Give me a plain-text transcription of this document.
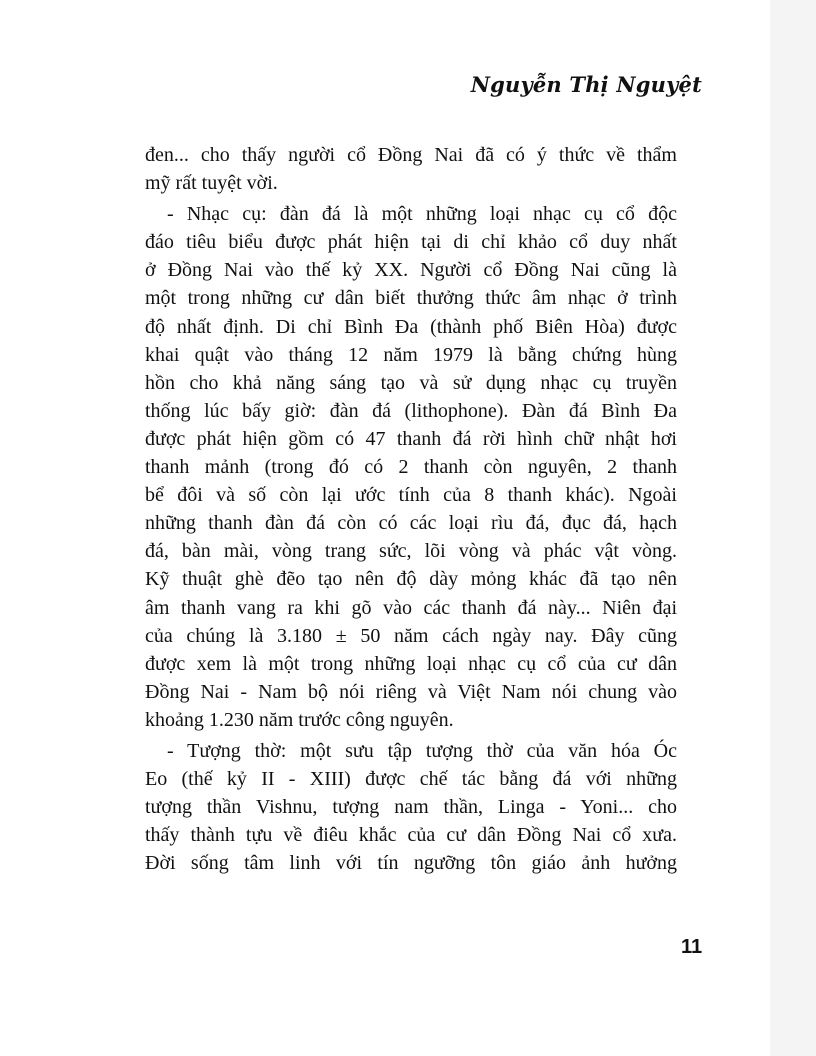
Nguyễn Thị Nguyệt

đen... cho thấy người cổ Đồng Nai đã có ý thức về thẩm
mỹ rất tuyệt vời.

- Nhạc cụ: đàn đá là một những loại nhạc cụ cổ độc
đáo tiêu biểu được phát hiện tại di chỉ khảo cổ duy nhất
ở Đồng Nai vào thế kỷ XX. Người cổ Đồng Nai cũng là
một trong những cư dân biết thưởng thức âm nhạc ở trình
độ nhất định. Di chỉ Bình Đa (thành phố Biên Hòa) được
khai quật vào tháng 12 năm 1979 là bằng chứng hùng
hồn cho khả năng sáng tạo và sử dụng nhạc cụ truyền
thống lúc bấy giờ: đàn đá (lithophone). Đàn đá Bình Đa
được phát hiện gồm có 47 thanh đá rời hình chữ nhật hơi
thanh mảnh (trong đó có 2 thanh còn nguyên, 2 thanh
bể đôi và số còn lại ước tính của 8 thanh khác). Ngoài
những thanh đàn đá còn có các loại rìu đá, đục đá, hạch
đá, bàn mài, vòng trang sức, lõi vòng và phác vật vòng.
Kỹ thuật ghè đẽo tạo nên độ dày mỏng khác đã tạo nên
âm thanh vang ra khi gõ vào các thanh đá này... Niên đại
của chúng là 3.180 ± 50 năm cách ngày nay. Đây cũng
được xem là một trong những loại nhạc cụ cổ của cư dân
Đồng Nai - Nam bộ nói riêng và Việt Nam nói chung vào
khoảng 1.230 năm trước công nguyên.

- Tượng thờ: một sưu tập tượng thờ của văn hóa Óc
Eo (thế kỷ II - XIII) được chế tác bằng đá với những
tượng thần Vishnu, tượng nam thần, Linga - Yoni... cho
thấy thành tựu về điêu khắc của cư dân Đồng Nai cổ xưa.
Đời sống tâm linh với tín ngưỡng tôn giáo ảnh hưởng

11
